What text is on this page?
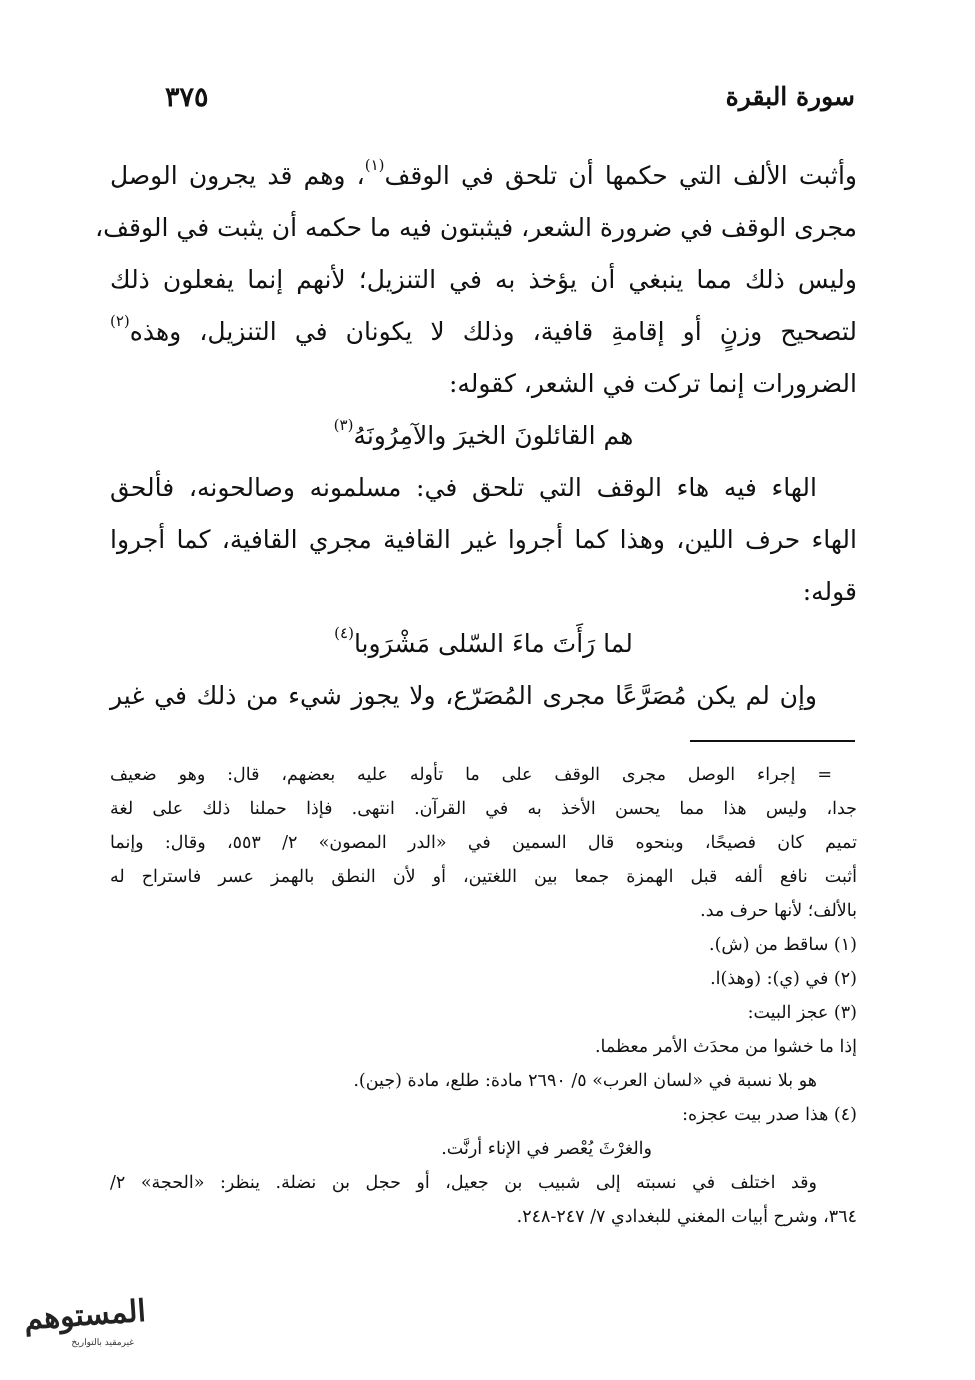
سورة البقرة
٣٧٥
وأثبت الألف التي حكمها أن تلحق في الوقف$^{(١)}$، وهم قد يجرون الوصل
مجرى الوقف في ضرورة الشعر، فيثبتون فيه ما حكمه أن يثبت في الوقف،
وليس ذلك مما ينبغي أن يؤخذ به في التنزيل؛ لأنهم إنما يفعلون ذلك
لتصحيح وزنٍ أو إقامةِ قافية، وذلك لا يكونان في التنزيل، وهذه$^{(٢)}$
الضرورات إنما تركت في الشعر، كقوله:
هم القائلونَ الخيرَ والآمِرُونَهُ$^{(٣)}$
الهاء فيه هاء الوقف التي تلحق في: مسلمونه وصالحونه، فألحق
الهاء حرف اللين، وهذا كما أجروا غير القافية مجري القافية، كما أجروا
قوله:
لما رَأَتَ ماءَ السّلى مَشْرَوبا$^{(٤)}$
وإن لم يكن مُصَرَّعًا مجرى المُصَرّع، ولا يجوز شيء من ذلك في غير
= إجراء الوصل مجرى الوقف على ما تأوله عليه بعضهم، قال: وهو ضعيف
جدا، وليس هذا مما يحسن الأخذ به في القرآن. انتهى. فإذا حملنا ذلك على لغة
تميم كان فصيحًا، وبنحوه قال السمين في «الدر المصون» ٢/ ٥٥٣، وقال: وإنما
أثبت نافع ألفه قبل الهمزة جمعا بين اللغتين، أو لأن النطق بالهمز عسر فاستراح له
بالألف؛ لأنها حرف مد.
(١) ساقط من (ش).
(٢) في (ي): (وهذ)ا.
(٣) عجز البيت:
إذا ما خشوا من محدَث الأمر معظما.
هو بلا نسبة في «لسان العرب» ٥/ ٢٦٩٠ مادة: طلع، مادة (جين).
(٤) هذا صدر بيت عجزه:
والغرْثَ يُعْصر في الإناء أرنَّت.
وقد اختلف في نسبته إلى شبيب بن جعيل، أو حجل بن نضلة. ينظر: «الحجة» ٢/
٣٦٤، وشرح أبيات المغني للبغدادي ٧/ ٢٤٧-٢٤٨.
المستوهم
غيرمقيد بالتواريخ
